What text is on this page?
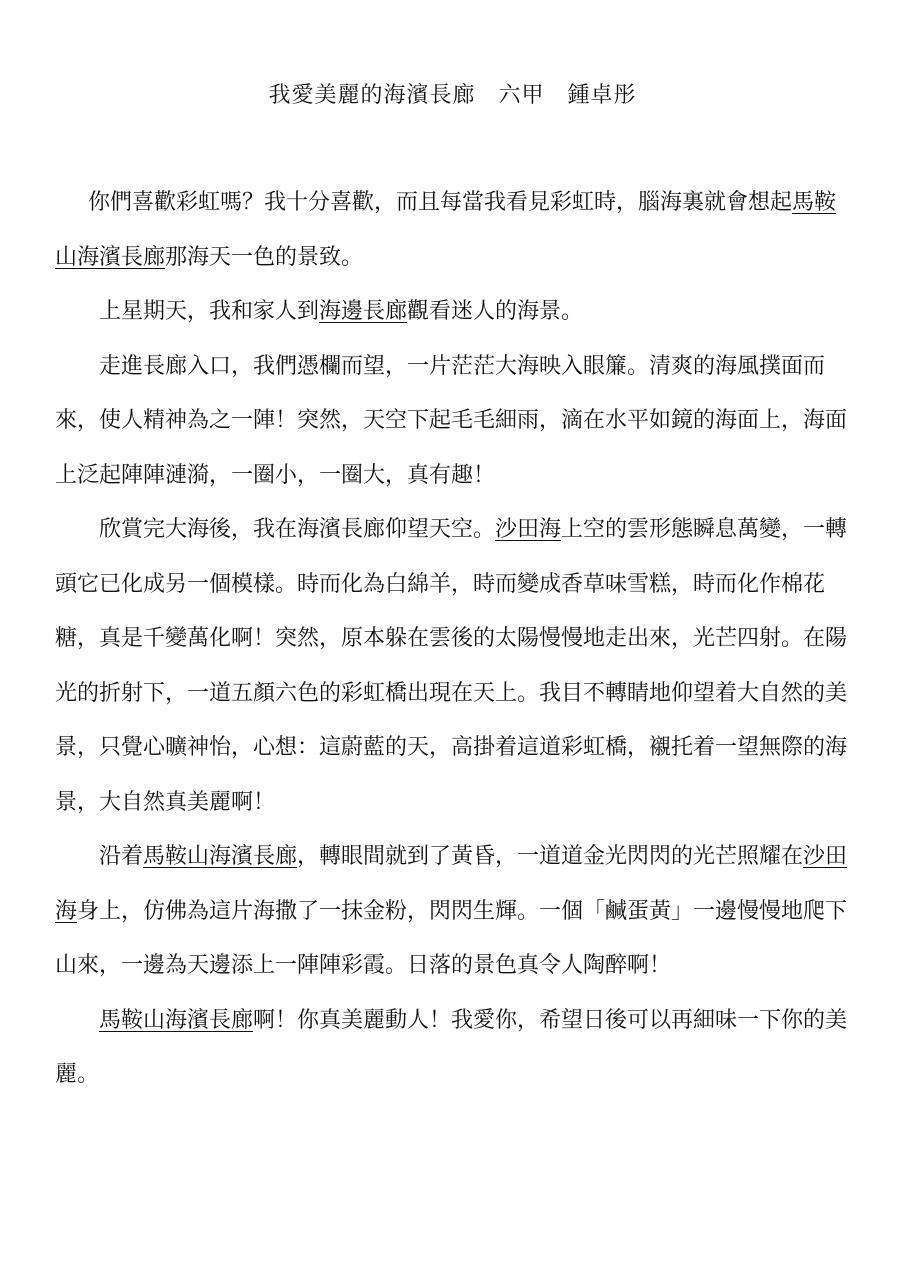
我愛美麗的海濱長廊　六甲　鍾卓彤

你們喜歡彩虹嗎？我十分喜歡，而且每當我看見彩虹時，腦海裏就會想起馬鞍山海濱長廊那海天一色的景致。

上星期天，我和家人到海邊長廊觀看迷人的海景。

走進長廊入口，我們憑欄而望，一片茫茫大海映入眼簾。清爽的海風撲面而來，使人精神為之一陣！突然，天空下起毛毛細雨，滴在水平如鏡的海面上，海面上泛起陣陣漣漪，一圈小，一圈大，真有趣！

欣賞完大海後，我在海濱長廊仰望天空。沙田海上空的雲形態瞬息萬變，一轉頭它已化成另一個模樣。時而化為白綿羊，時而變成香草味雪糕，時而化作棉花糖，真是千變萬化啊！突然，原本躲在雲後的太陽慢慢地走出來，光芒四射。在陽光的折射下，一道五顏六色的彩虹橋出現在天上。我目不轉睛地仰望着大自然的美景，只覺心曠神怡，心想：這蔚藍的天，高掛着這道彩虹橋，襯托着一望無際的海景，大自然真美麗啊！

沿着馬鞍山海濱長廊，轉眼間就到了黃昏，一道道金光閃閃的光芒照耀在沙田海身上，仿佛為這片海撒了一抹金粉，閃閃生輝。一個「鹹蛋黃」一邊慢慢地爬下山來，一邊為天邊添上一陣陣彩霞。日落的景色真令人陶醉啊！

馬鞍山海濱長廊啊！你真美麗動人！我愛你，希望日後可以再細味一下你的美麗。
